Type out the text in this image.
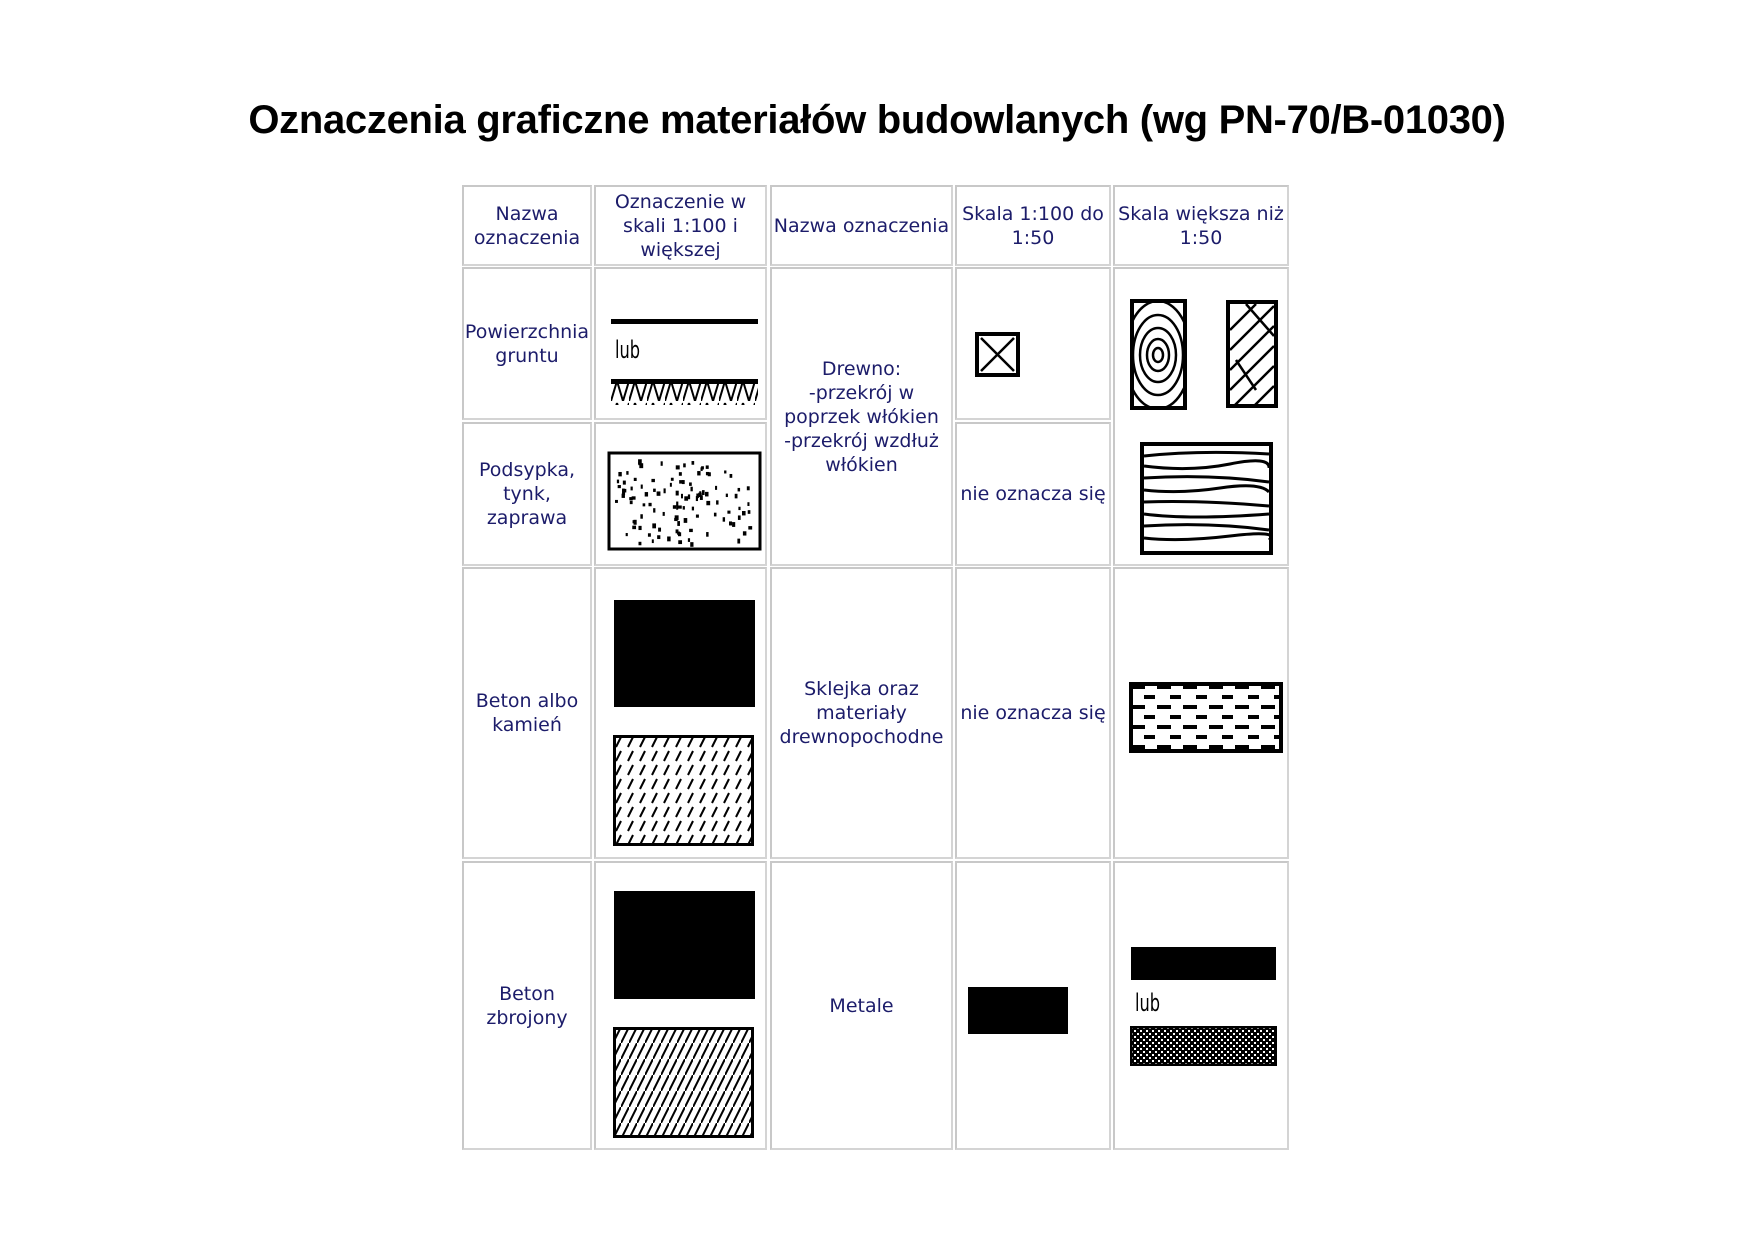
Oznaczenia graficzne materiałów budowlanych (wg PN-70/B-01030)
Nazwa
oznaczenia
Oznaczenie w
skali 1:100 i
większej
Nazwa oznaczenia
Skala 1:100 do
1:50
Skala większa niż
1:50
Powierzchnia
gruntu
Drewno:
-przekrój w
poprzek włókien
-przekrój wzdłuż
włókien
Podsypka,
tynk,
zaprawa
nie oznacza się
Beton albo
kamień
Sklejka oraz
materiały
drewnopochodne
nie oznacza się
Beton
zbrojony
Metale
lub
lub
